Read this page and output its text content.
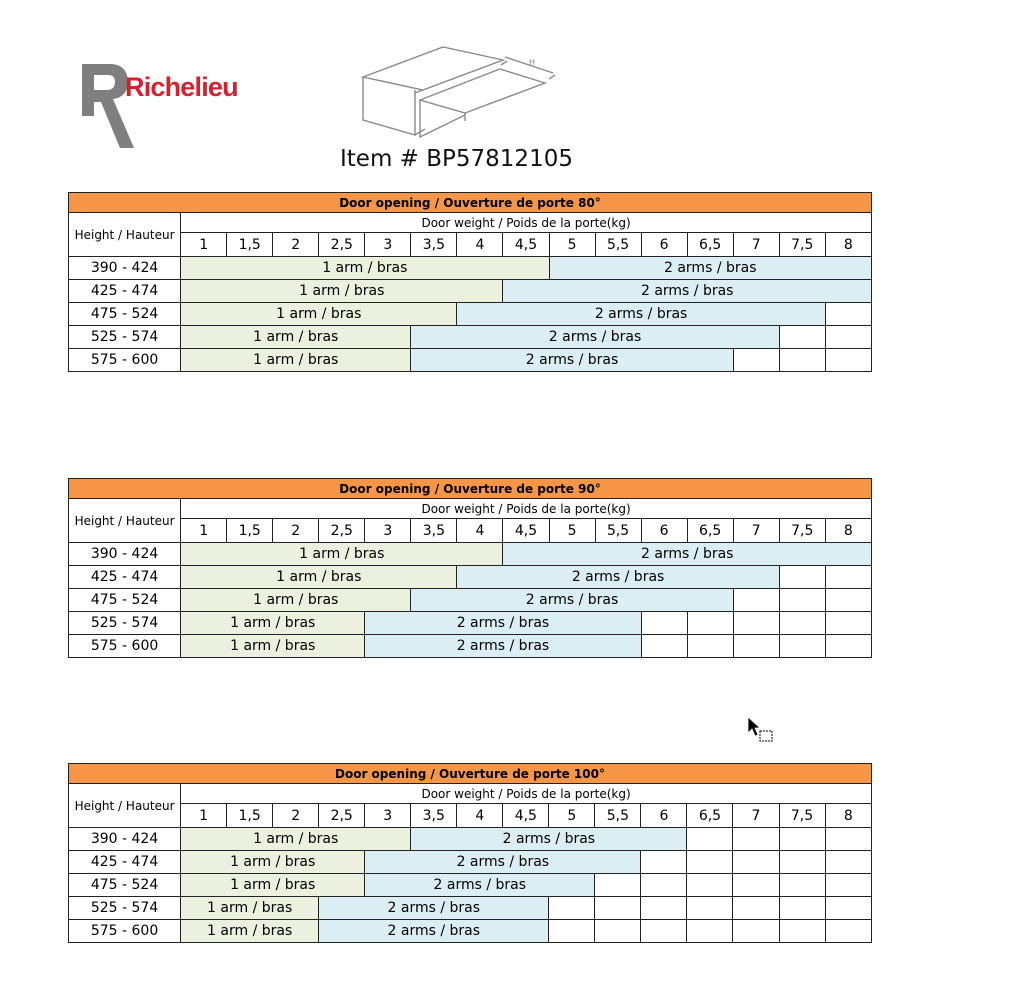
Richelieu
H
Item # BP57812105
Door opening / Ouverture de porte 80°															
Height / Hauteur	Door weight / Poids de la porte(kg)														
	1	1,5	2	2,5	3	3,5	4	4,5	5	5,5	6	6,5	7	7,5	8
390 - 424	1 arm / bras								2 arms / bras						
425 - 474	1 arm / bras							2 arms / bras							
475 - 524	1 arm / bras						2 arms / bras								
525 - 574	1 arm / bras					2 arms / bras									
575 - 600	1 arm / bras					2 arms / bras									
Door opening / Ouverture de porte 90°															
Height / Hauteur	Door weight / Poids de la porte(kg)														
	1	1,5	2	2,5	3	3,5	4	4,5	5	5,5	6	6,5	7	7,5	8
390 - 424	1 arm / bras							2 arms / bras							
425 - 474	1 arm / bras						2 arms / bras								
475 - 524	1 arm / bras					2 arms / bras									
525 - 574	1 arm / bras				2 arms / bras										
575 - 600	1 arm / bras				2 arms / bras										
Door opening / Ouverture de porte 100°															
Height / Hauteur	Door weight / Poids de la porte(kg)														
	1	1,5	2	2,5	3	3,5	4	4,5	5	5,5	6	6,5	7	7,5	8
390 - 424	1 arm / bras					2 arms / bras									
425 - 474	1 arm / bras				2 arms / bras										
475 - 524	1 arm / bras				2 arms / bras										
525 - 574	1 arm / bras			2 arms / bras											
575 - 600	1 arm / bras			2 arms / bras											
